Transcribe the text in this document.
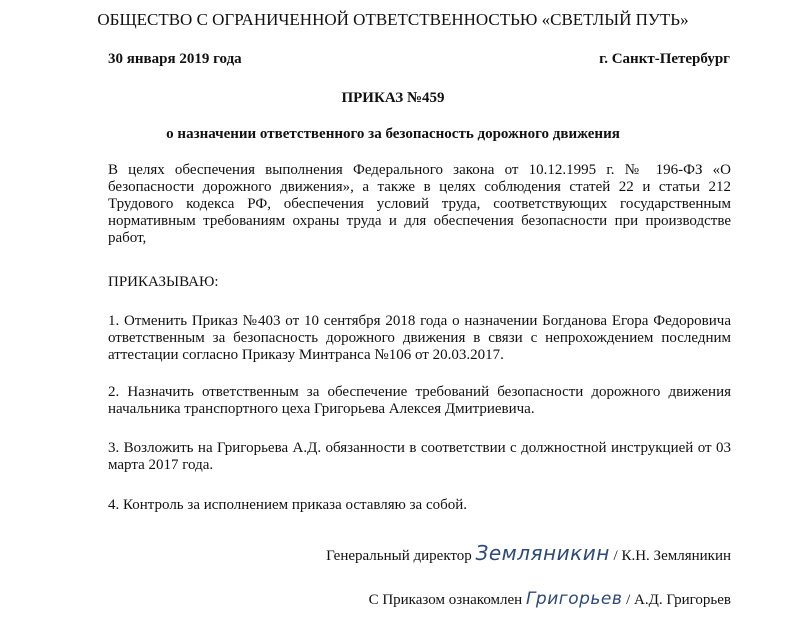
ОБЩЕСТВО С ОГРАНИЧЕННОЙ ОТВЕТСТВЕННОСТЬЮ «СВЕТЛЫЙ ПУТЬ»
30 января 2019 года	г. Санкт-Петербург
ПРИКАЗ №459
о назначении ответственного за безопасность дорожного движения
В целях обеспечения выполнения Федерального закона от 10.12.1995 г. № 196-ФЗ «О безопасности дорожного движения», а также в целях соблюдения статей 22 и статьи 212 Трудового кодекса РФ, обеспечения условий труда, соответствующих государственным нормативным требованиям охраны труда и для обеспечения безопасности при производстве работ,
ПРИКАЗЫВАЮ:
1. Отменить Приказ №403 от 10 сентября 2018 года о назначении Богданова Егора Федоровича ответственным за безопасность дорожного движения в связи с непрохождением последним аттестации согласно Приказу Минтранса №106 от 20.03.2017.
2. Назначить ответственным за обеспечение требований безопасности дорожного движения начальника транспортного цеха Григорьева Алексея Дмитриевича.
3. Возложить на Григорьева А.Д. обязанности в соответствии с должностной инструкцией от 03 марта 2017 года.
4. Контроль за исполнением приказа оставляю за собой.
Генеральный директор Земляникин / К.Н. Земляникин
С Приказом ознакомлен Григорьев / А.Д. Григорьев
